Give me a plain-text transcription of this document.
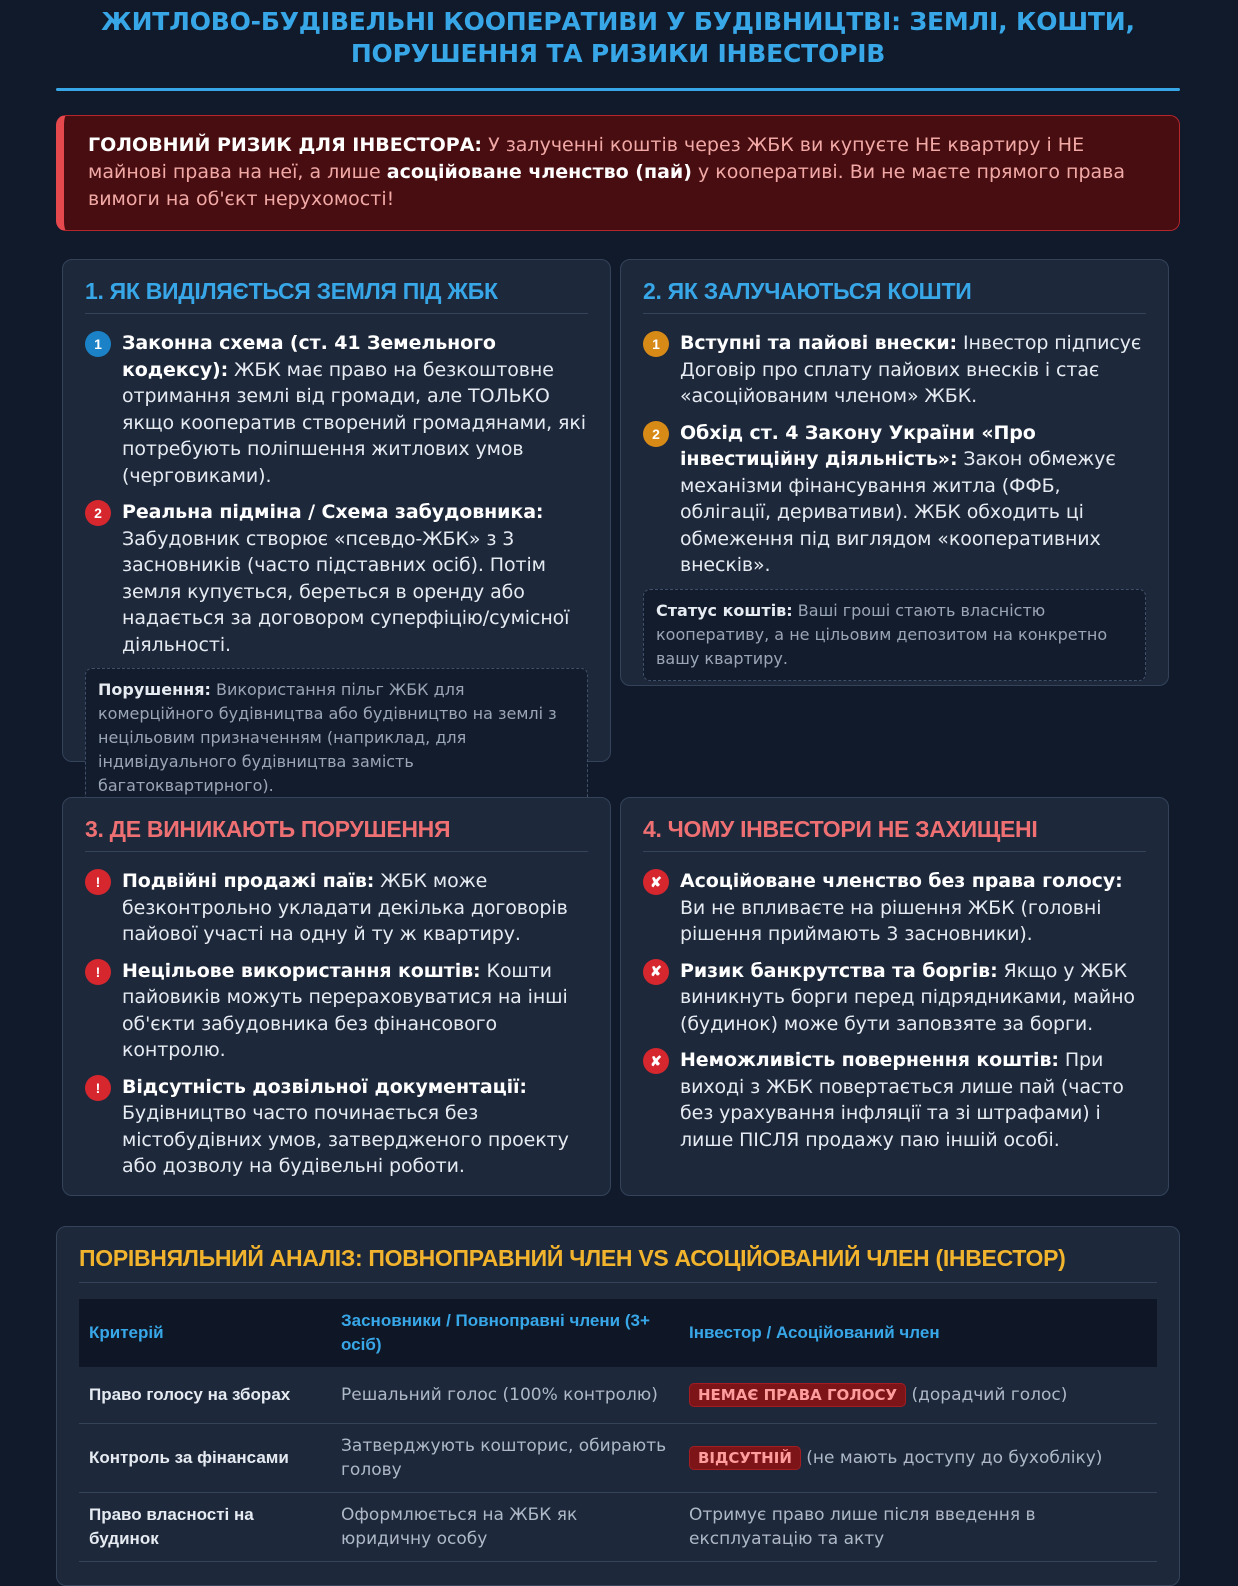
ЖИТЛОВО-БУДІВЕЛЬНІ КООПЕРАТИВИ У БУДІВНИЦТВІ: ЗЕМЛІ, КОШТИ, ПОРУШЕННЯ ТА РИЗИКИ ІНВЕСТОРІВ
ГОЛОВНИЙ РИЗИК ДЛЯ ІНВЕСТОРА: У залученні коштів через ЖБК ви купуєте НЕ квартиру і НЕ майнові права на неї, а лише асоційоване членство (пай) у кооперативі. Ви не маєте прямого права вимоги на об'єкт нерухомості!
1. ЯК ВИДІЛЯЄТЬСЯ ЗЕМЛЯ ПІД ЖБК
1	Законна схема (ст. 41 Земельного кодексу): ЖБК має право на безкоштовне отримання землі від громади, але ТОЛЬКО якщо кооператив створений громадянами, які потребують поліпшення житлових умов (черговиками).
2	Реальна підміна / Схема забудовника: Забудовник створює «псевдо-ЖБК» з 3 засновників (часто підставних осіб). Потім земля купується, береться в оренду або надається за договором суперфіцію/сумісної діяльності.
Порушення: Використання пільг ЖБК для комерційного будівництва або будівництво на землі з нецільовим призначенням (наприклад, для індивідуального будівництва замість багатоквартирного).
2. ЯК ЗАЛУЧАЮТЬСЯ КОШТИ
1	Вступні та пайові внески: Інвестор підписує Договір про сплату пайових внесків і стає «асоційованим членом» ЖБК.
2	Обхід ст. 4 Закону України «Про інвестиційну діяльність»: Закон обмежує механізми фінансування житла (ФФБ, облігації, деривативи). ЖБК обходить ці обмеження під виглядом «кооперативних внесків».
Статус коштів: Ваші гроші стають власністю кооперативу, а не цільовим депозитом на конкретно вашу квартиру.
3. ДЕ ВИНИКАЮТЬ ПОРУШЕННЯ
!	Подвійні продажі паїв: ЖБК може безконтрольно укладати декілька договорів пайової участі на одну й ту ж квартиру.
!	Нецільове використання коштів: Кошти пайовиків можуть перераховуватися на інші об'єкти забудовника без фінансового контролю.
!	Відсутність дозвільної документації: Будівництво часто починається без містобудівних умов, затвердженого проекту або дозволу на будівельні роботи.
4. ЧОМУ ІНВЕСТОРИ НЕ ЗАХИЩЕНІ
✘ Асоційоване членство без права голосу: Ви не впливаєте на рішення ЖБК (головні рішення приймають 3 засновники).
✘ Ризик банкрутства та боргів: Якщо у ЖБК виникнуть борги перед підрядниками, майно (будинок) може бути заповзяте за борги.
✘ Неможливість повернення коштів: При виході з ЖБК повертається лише пай (часто без урахування інфляції та зі штрафами) і лише ПІСЛЯ продажу паю іншій особі.
ПОРІВНЯЛЬНИЙ АНАЛІЗ: ПОВНОПРАВНИЙ ЧЛЕН VS АСОЦІЙОВАНИЙ ЧЛЕН (ІНВЕСТОР)
Критерій	Засновники / Повноправні члени (3+ осіб)	Інвестор / Асоційований член
Право голосу на зборах	Решальний голос (100% контролю)	НЕМАЄ ПРАВА ГОЛОСУ (дорадчий голос)
Контроль за фінансами	Затверджують кошторис, обирають голову	ВІДСУТНІЙ (не мають доступу до бухобліку)
Право власності на будинок	Оформлюється на ЖБК як юридичну особу	Отримує право лише після введення в експлуатацію та акту
